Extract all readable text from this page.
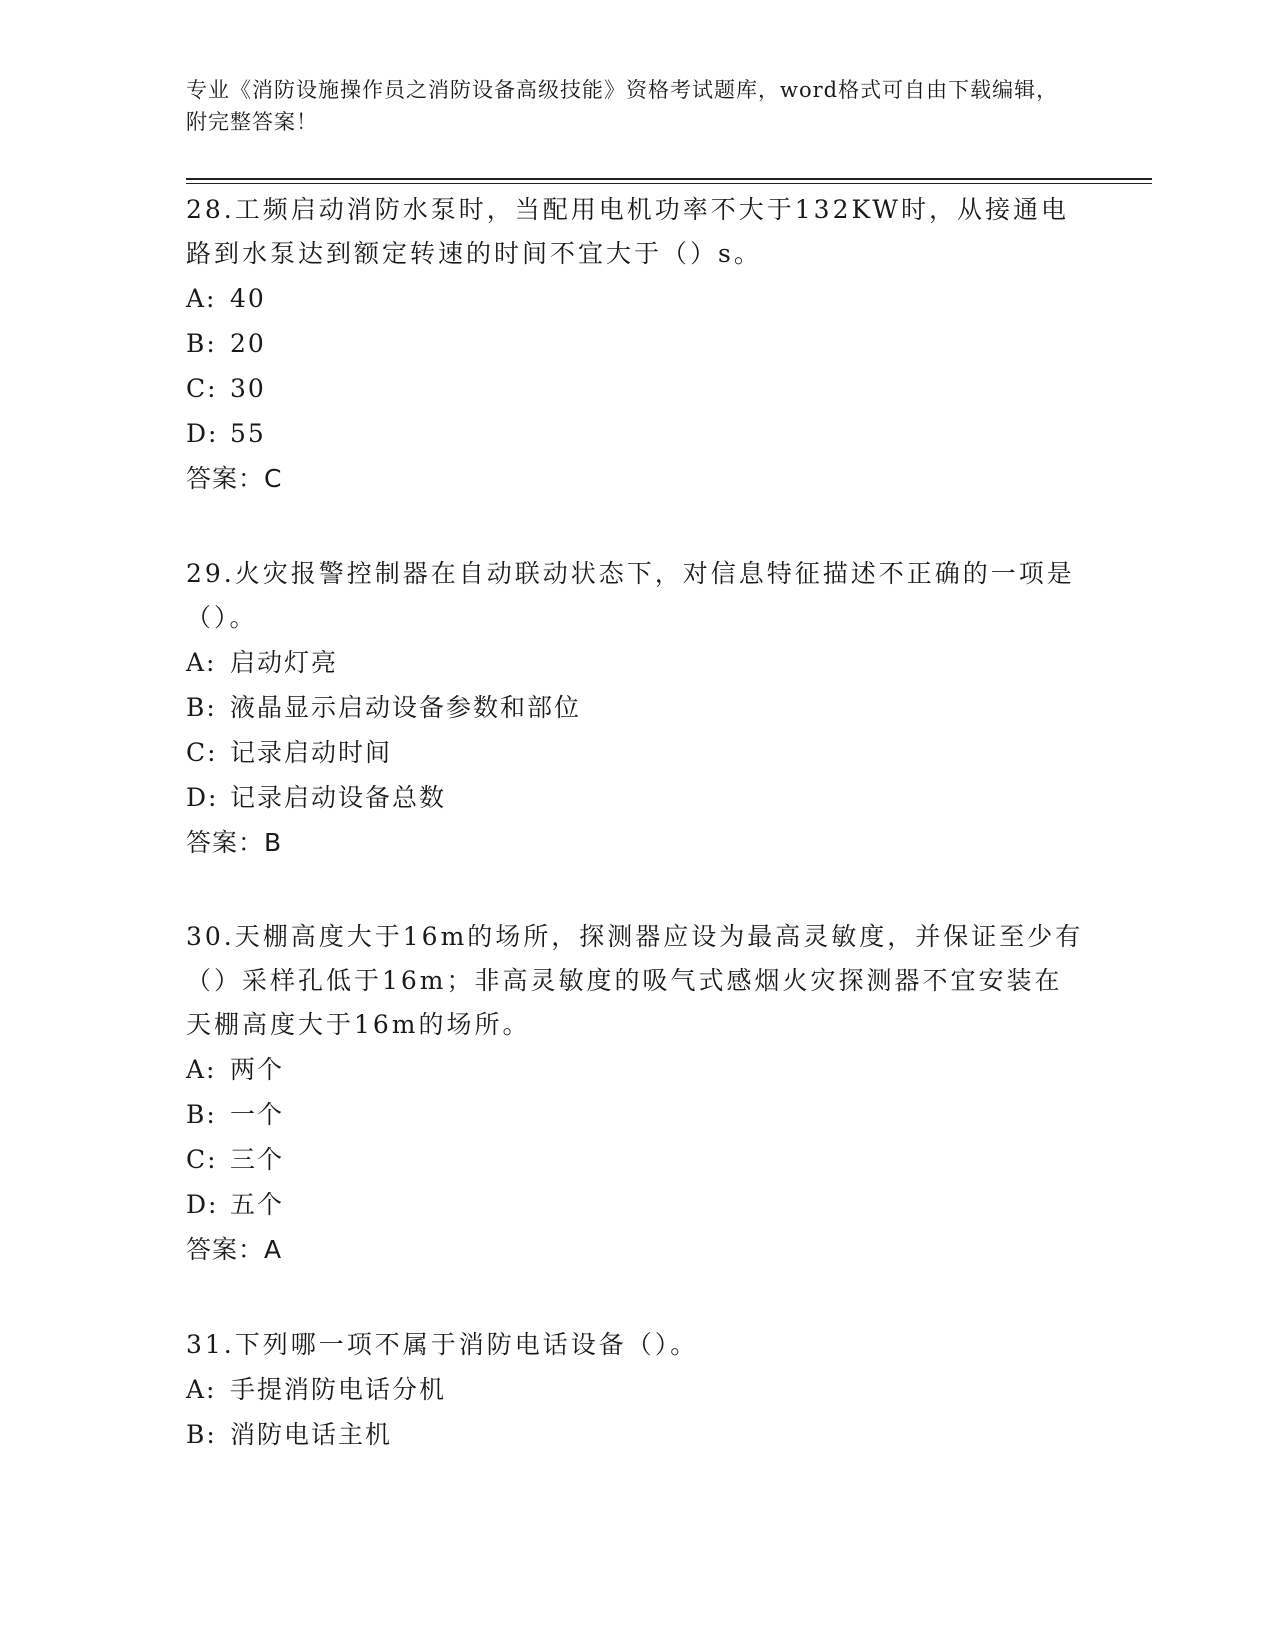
专业《消防设施操作员之消防设备高级技能》资格考试题库，word格式可自由下载编辑，附完整答案！

28.工频启动消防水泵时，当配用电机功率不大于132KW时，从接通电路到水泵达到额定转速的时间不宜大于（）s。

A: 40

B: 20

C: 30

D: 55

答案：C

29.火灾报警控制器在自动联动状态下，对信息特征描述不正确的一项是（）。

A: 启动灯亮

B: 液晶显示启动设备参数和部位

C: 记录启动时间

D: 记录启动设备总数

答案：B

30.天棚高度大于16m的场所，探测器应设为最高灵敏度，并保证至少有（）采样孔低于16m；非高灵敏度的吸气式感烟火灾探测器不宜安装在天棚高度大于16m的场所。

A: 两个

B: 一个

C: 三个

D: 五个

答案：A

31.下列哪一项不属于消防电话设备（）。

A: 手提消防电话分机

B: 消防电话主机
